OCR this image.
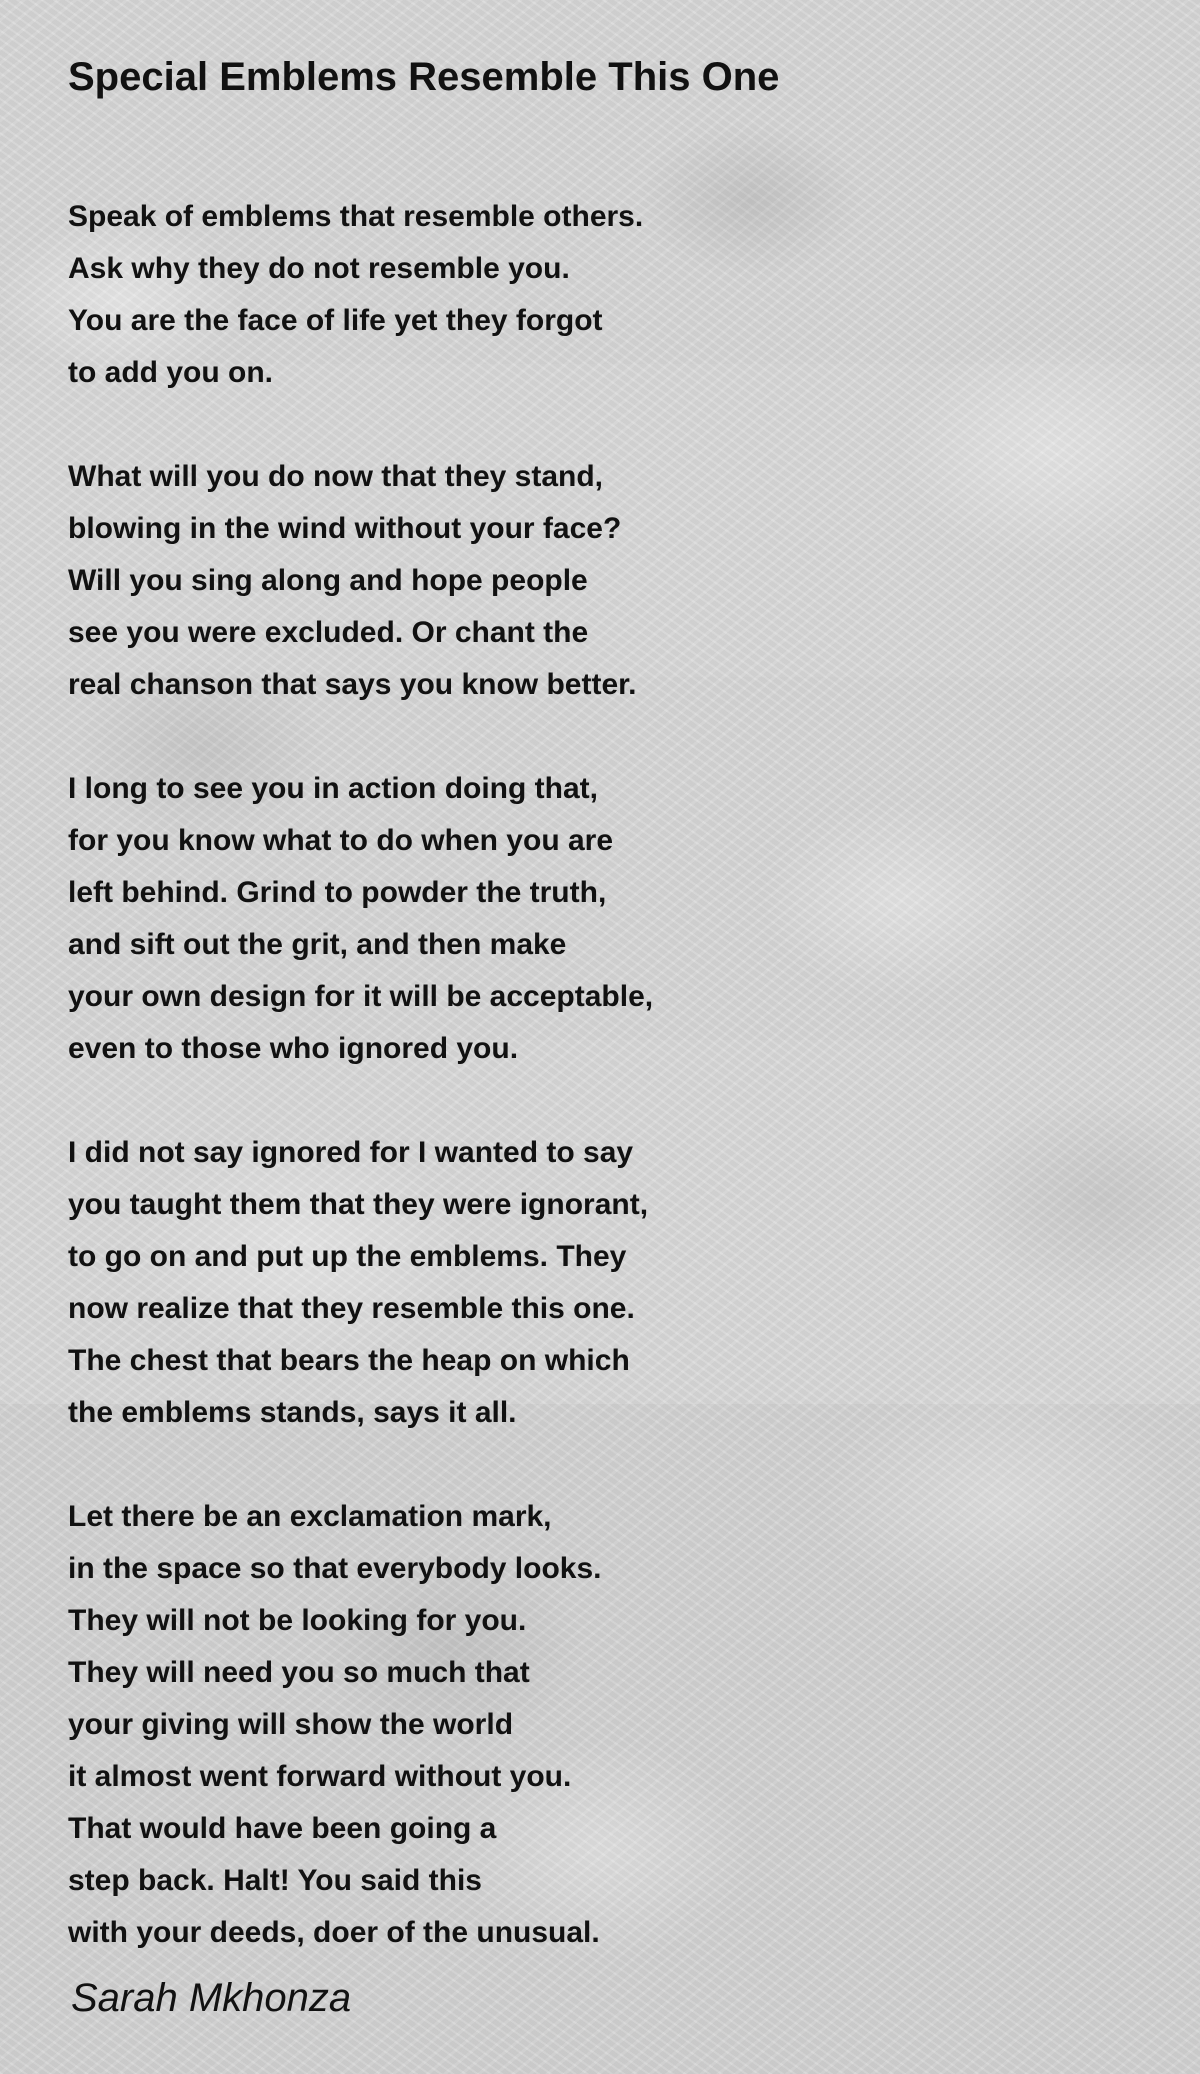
Special Emblems Resemble This One
Speak of emblems that resemble others.
Ask why they do not resemble you.
You are the face of life yet they forgot
to add you on.
What will you do now that they stand,
blowing in the wind without your face?
Will you sing along and hope people
see you were excluded. Or chant the
real chanson that says you know better.
I long to see you in action doing that,
for you know what to do when you are
left behind. Grind to powder the truth,
and sift out the grit, and then make
your own design for it will be acceptable,
even to those who ignored you.
I did not say ignored for I wanted to say
you taught them that they were ignorant,
to go on and put up the emblems. They
now realize that they resemble this one.
The chest that bears the heap on which
the emblems stands, says it all.
Let there be an exclamation mark,
in the space so that everybody looks.
They will not be looking for you.
They will need you so much that
your giving will show the world
it almost went forward without you.
That would have been going a
step back. Halt! You said this
with your deeds, doer of the unusual.
Sarah Mkhonza
